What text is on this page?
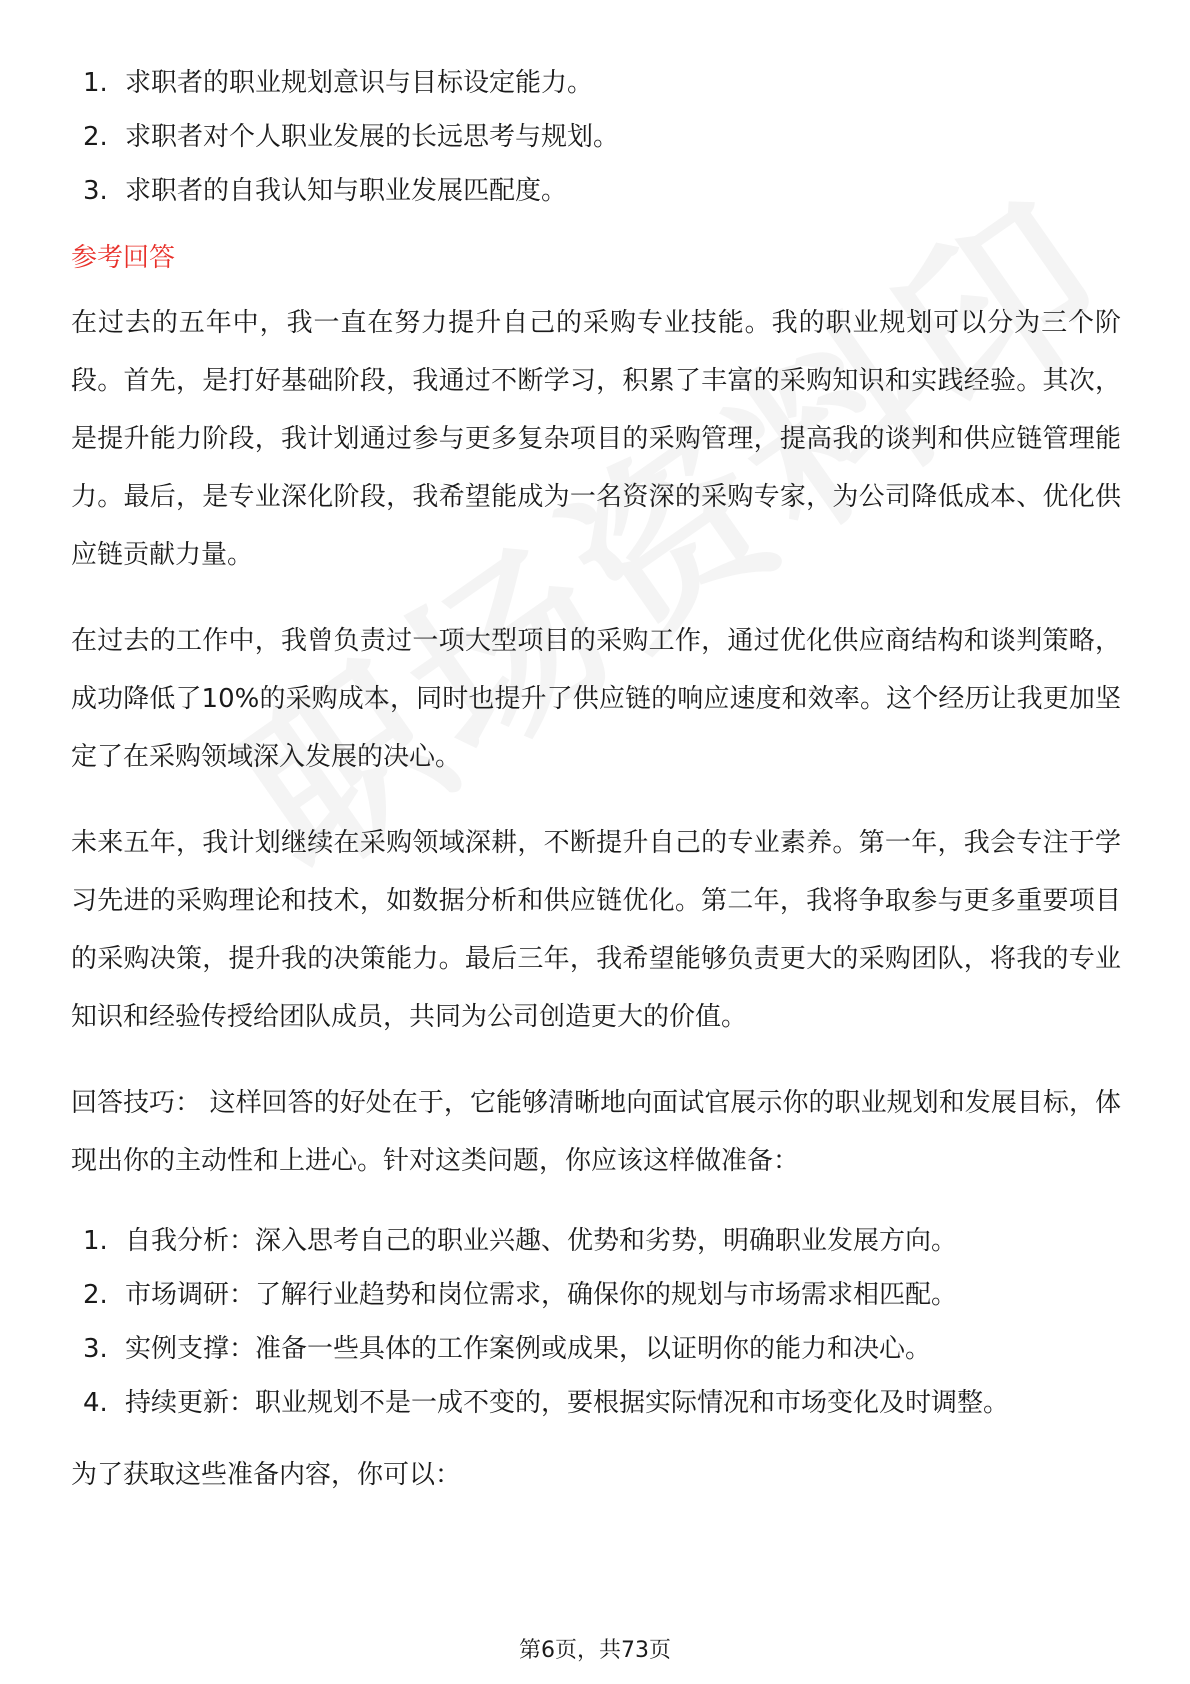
1. 求职者的职业规划意识与目标设定能力。
2. 求职者对个人职业发展的长远思考与规划。
3. 求职者的自我认知与职业发展匹配度。
参考回答

在过去的五年中，我一直在努力提升自己的采购专业技能。我的职业规划可以分为三个阶段。首先，是打好基础阶段，我通过不断学习，积累了丰富的采购知识和实践经验。其次，是提升能力阶段，我计划通过参与更多复杂项目的采购管理，提高我的谈判和供应链管理能力。最后，是专业深化阶段，我希望能成为一名资深的采购专家，为公司降低成本、优化供应链贡献力量。

在过去的工作中，我曾负责过一项大型项目的采购工作，通过优化供应商结构和谈判策略，成功降低了10%的采购成本，同时也提升了供应链的响应速度和效率。这个经历让我更加坚定了在采购领域深入发展的决心。

未来五年，我计划继续在采购领域深耕，不断提升自己的专业素养。第一年，我会专注于学习先进的采购理论和技术，如数据分析和供应链优化。第二年，我将争取参与更多重要项目的采购决策，提升我的决策能力。最后三年，我希望能够负责更大的采购团队，将我的专业知识和经验传授给团队成员，共同为公司创造更大的价值。

回答技巧： 这样回答的好处在于，它能够清晰地向面试官展示你的职业规划和发展目标，体现出你的主动性和上进心。针对这类问题，你应该这样做准备：

1. 自我分析：深入思考自己的职业兴趣、优势和劣势，明确职业发展方向。
2. 市场调研：了解行业趋势和岗位需求，确保你的规划与市场需求相匹配。
3. 实例支撑：准备一些具体的工作案例或成果，以证明你的能力和决心。
4. 持续更新：职业规划不是一成不变的，要根据实际情况和市场变化及时调整。

为了获取这些准备内容，你可以：

第6页，共73页
